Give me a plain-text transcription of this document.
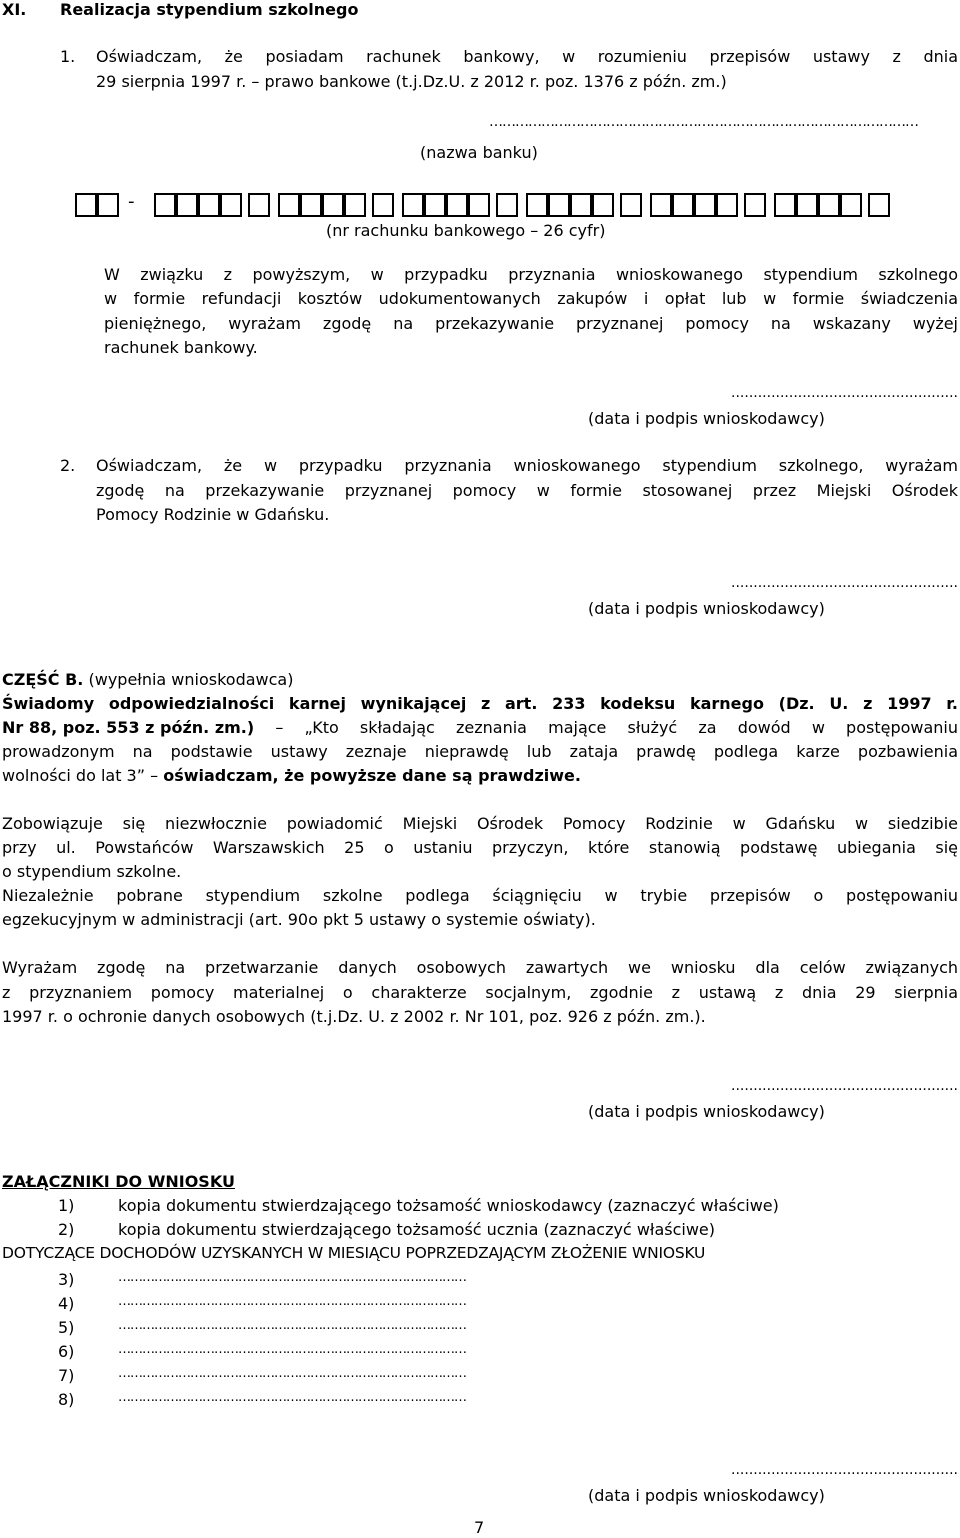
XI. Realizacja stypendium szkolnego
1. Oświadczam, że posiadam rachunek bankowy, w rozumieniu przepisów ustawy z dnia
29 sierpnia 1997 r. – prawo bankowe (t.j.Dz.U. z 2012 r. poz. 1376 z późn. zm.)
………………………………………………………………………………………
(nazwa banku)
-
(nr rachunku bankowego – 26 cyfr)
W związku z powyższym, w przypadku przyznania wnioskowanego stypendium szkolnego
w formie refundacji kosztów udokumentowanych zakupów i opłat lub w formie świadczenia
pieniężnego, wyrażam zgodę na przekazywanie przyznanej pomocy na wskazany wyżej
rachunek bankowy.
...................................................
(data i podpis wnioskodawcy)
2. Oświadczam, że w przypadku przyznania wnioskowanego stypendium szkolnego, wyrażam
zgodę na przekazywanie przyznanej pomocy w formie stosowanej przez Miejski Ośrodek
Pomocy Rodzinie w Gdańsku.
...................................................
(data i podpis wnioskodawcy)
CZĘŚĆ B. (wypełnia wnioskodawca)
Świadomy odpowiedzialności karnej wynikającej z art. 233 kodeksu karnego (Dz. U. z 1997 r.
Nr 88, poz. 553 z późn. zm.) – „Kto składając zeznania mające służyć za dowód w postępowaniu
prowadzonym na podstawie ustawy zeznaje nieprawdę lub zataja prawdę podlega karze pozbawienia
wolności do lat 3” – oświadczam, że powyższe dane są prawdziwe.
Zobowiązuje się niezwłocznie powiadomić Miejski Ośrodek Pomocy Rodzinie w Gdańsku w siedzibie
przy ul. Powstańców Warszawskich 25 o ustaniu przyczyn, które stanowią podstawę ubiegania się
o stypendium szkolne.
Niezależnie pobrane stypendium szkolne podlega ściągnięciu w trybie przepisów o postępowaniu
egzekucyjnym w administracji (art. 90o pkt 5 ustawy o systemie oświaty).
Wyrażam zgodę na przetwarzanie danych osobowych zawartych we wniosku dla celów związanych
z przyznaniem pomocy materialnej o charakterze socjalnym, zgodnie z ustawą z dnia 29 sierpnia
1997 r. o ochronie danych osobowych (t.j.Dz. U. z 2002 r. Nr 101, poz. 926 z późn. zm.).
...................................................
(data i podpis wnioskodawcy)
ZAŁĄCZNIKI DO WNIOSKU
1)	kopia dokumentu stwierdzającego tożsamość wnioskodawcy (zaznaczyć właściwe)
2)	kopia dokumentu stwierdzającego tożsamość ucznia (zaznaczyć właściwe)
DOTYCZĄCE DOCHODÓW UZYSKANYCH W MIESIĄCU POPRZEDZAJĄCYM ZŁOŻENIE WNIOSKU
3)	……………………………………………………………………………
4)	……………………………………………………………………………
5)	……………………………………………………………………………
6)	……………………………………………………………………………
7)	……………………………………………………………………………
8)	……………………………………………………………………………
...................................................
(data i podpis wnioskodawcy)
7
